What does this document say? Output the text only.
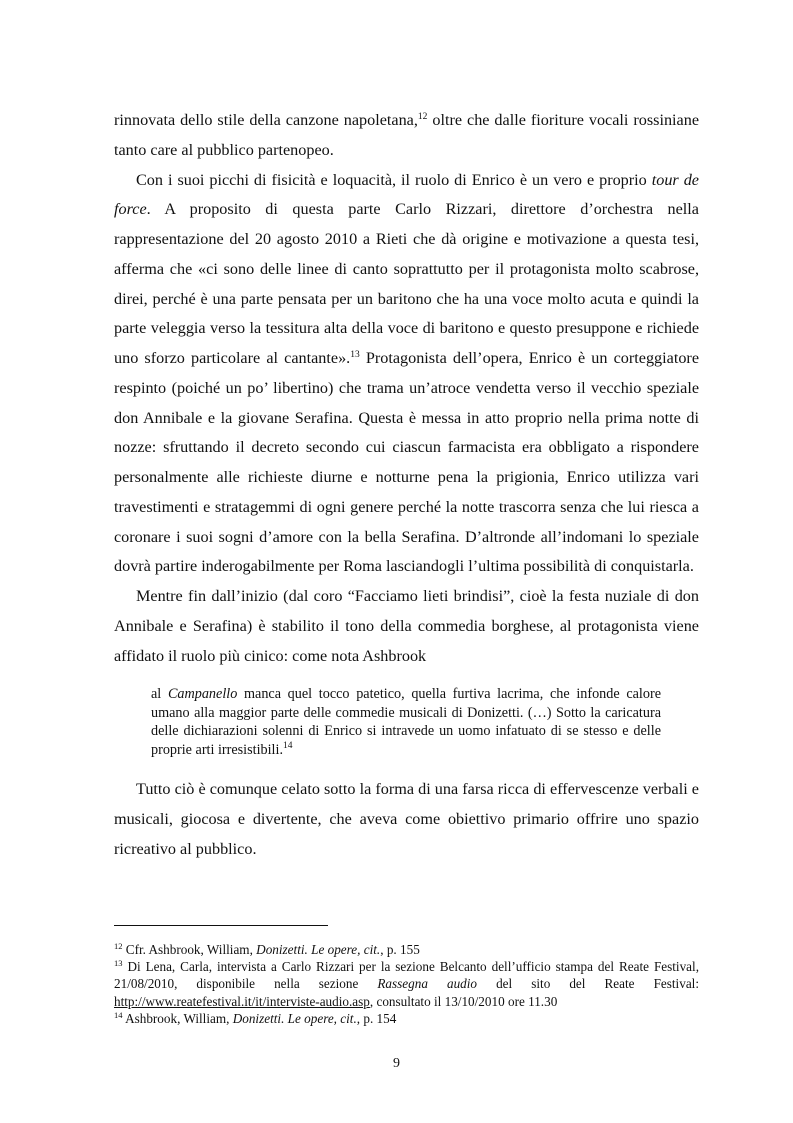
rinnovata dello stile della canzone napoletana,$^{12}$ oltre che dalle fioriture vocali rossiniane tanto care al pubblico partenopeo.

Con i suoi picchi di fisicità e loquacità, il ruolo di Enrico è un vero e proprio tour de force. A proposito di questa parte Carlo Rizzari, direttore d’orchestra nella rappresentazione del 20 agosto 2010 a Rieti che dà origine e motivazione a questa tesi, afferma che «ci sono delle linee di canto soprattutto per il protagonista molto scabrose, direi, perché è una parte pensata per un baritono che ha una voce molto acuta e quindi la parte veleggia verso la tessitura alta della voce di baritono e questo presuppone e richiede uno sforzo particolare al cantante».$^{13}$ Protagonista dell’opera, Enrico è un corteggiatore respinto (poiché un po’ libertino) che trama un’atroce vendetta verso il vecchio speziale don Annibale e la giovane Serafina. Questa è messa in atto proprio nella prima notte di nozze: sfruttando il decreto secondo cui ciascun farmacista era obbligato a rispondere personalmente alle richieste diurne e notturne pena la prigionia, Enrico utilizza vari travestimenti e stratagemmi di ogni genere perché la notte trascorra senza che lui riesca a coronare i suoi sogni d’amore con la bella Serafina. D’altronde all’indomani lo speziale dovrà partire inderogabilmente per Roma lasciandogli l’ultima possibilità di conquistarla.

Mentre fin dall’inizio (dal coro “Facciamo lieti brindisi”, cioè la festa nuziale di don Annibale e Serafina) è stabilito il tono della commedia borghese, al protagonista viene affidato il ruolo più cinico: come nota Ashbrook

al Campanello manca quel tocco patetico, quella furtiva lacrima, che infonde calore umano alla maggior parte delle commedie musicali di Donizetti. (…) Sotto la caricatura delle dichiarazioni solenni di Enrico si intravede un uomo infatuato di se stesso e delle proprie arti irresistibili.$^{14}$

Tutto ciò è comunque celato sotto la forma di una farsa ricca di effervescenze verbali e musicali, giocosa e divertente, che aveva come obiettivo primario offrire uno spazio ricreativo al pubblico.

$^{12}$ Cfr. Ashbrook, William, Donizetti. Le opere, cit., p. 155

$^{13}$ Di Lena, Carla, intervista a Carlo Rizzari per la sezione Belcanto dell’ufficio stampa del Reate Festival, 21/08/2010, disponibile nella sezione Rassegna audio del sito del Reate Festival: http://www.reatefestival.it/it/interviste-audio.asp, consultato il 13/10/2010 ore 11.30

$^{14}$ Ashbrook, William, Donizetti. Le opere, cit., p. 154

9
